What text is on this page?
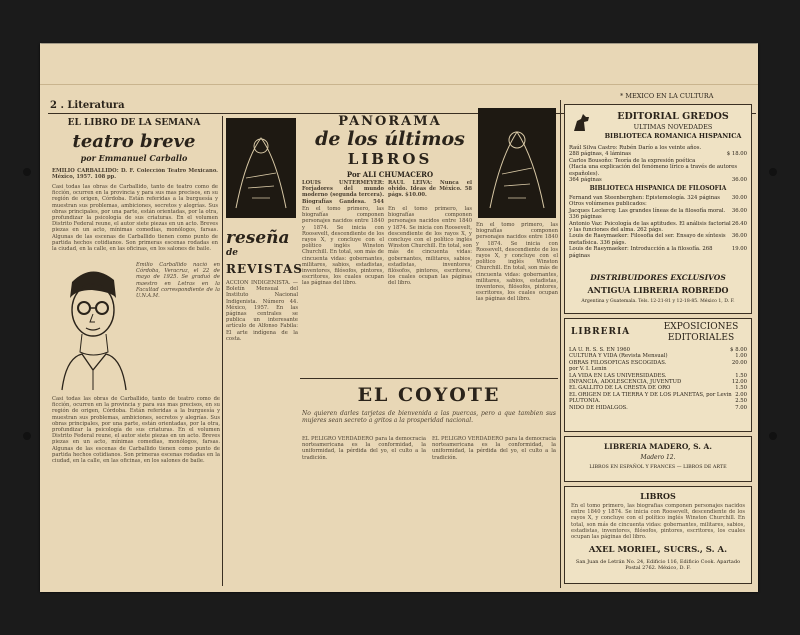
2 . Literatura
* MEXICO EN LA CULTURA
EL LIBRO DE LA SEMANA
teatro breve
por Emmanuel Carballo
EMILIO CARBALLIDO: D. F. Colección Teatro Mexicano. México, 1957. 108 pp.
Casi todas las obras de Carballido, tanto de teatro como de ficción, ocurren en la provincia y para sus mas precisos, en su región de origen, Córdoba. Están referidas a la burguesía y muestran sus problemas, ambiciones, secretos y alegrías. Sus obras principales, por una parte, están orientadas, por la otra, profundizar la psicología de sus criaturas. En el volumen Distrito Federal reune, el autor siete piezas en un acto. Breves piezas en un acto, mínimas comedias, monólogos, farsas. Algunas de las escenas de Carballido tienen como punto de partida hechos cotidianos. Son primeras escenas rodadas en la ciudad, en la calle, en las oficinas, en los salones de baile.
Emilio Carballido nació en Córdoba, Veracruz, el 22 de mayo de 1925. Se graduó de maestro en Letras en la Facultad correspondiente de la U.N.A.M.
Casi todas las obras de Carballido, tanto de teatro como de ficción, ocurren en la provincia y para sus mas precisos, en su región de origen, Córdoba. Están referidas a la burguesía y muestran sus problemas, ambiciones, secretos y alegrías. Sus obras principales, por una parte, están orientadas, por la otra, profundizar la psicología de sus criaturas. En el volumen Distrito Federal reune, el autor siete piezas en un acto. Breves piezas en un acto, mínimas comedias, monólogos, farsas. Algunas de las escenas de Carballido tienen como punto de partida hechos cotidianos. Son primeras escenas rodadas en la ciudad, en la calle, en las oficinas, en los salones de baile.
PANORAMA
de los últimos
LIBROS
Por ALI CHUMACERO
reseña
de
REVISTAS
ACCION INDIGENISTA. — Boletín Mensual del Instituto Nacional Indigenista. Número 44. México, 1957. En las páginas centrales se publica un interesante artículo de Alfonso Fabila: El arte indígena de la costa.
LOUIS UNTERMEYER: Forjadores del mundo moderno (segunda tercera). Biografías Gandesa. 544
En el tomo primero, las biografías componen personajes nacidos entre 1840 y 1874. Se inicia con Roosevelt, descendiente de los rayos X, y concluye con el político inglés Winston Churchill. En total, son más de cincuenta vidas: gobernantes, militares, sabios, estadistas, inventores, filósofos, pintores, escritores, los cuales ocupan las páginas del libro.
RAUL LEIVA: Nunca el olvido. Ideas de México. 58 págs. $10.00.
En el tomo primero, las biografías componen personajes nacidos entre 1840 y 1874. Se inicia con Roosevelt, descendiente de los rayos X, y concluye con el político inglés Winston Churchill. En total, son más de cincuenta vidas: gobernantes, militares, sabios, estadistas, inventores, filósofos, pintores, escritores, los cuales ocupan las páginas del libro.
En el tomo primero, las biografías componen personajes nacidos entre 1840 y 1874. Se inicia con Roosevelt, descendiente de los rayos X, y concluye con el político inglés Winston Churchill. En total, son más de cincuenta vidas: gobernantes, militares, sabios, estadistas, inventores, filósofos, pintores, escritores, los cuales ocupan las páginas del libro.
EL COYOTE
No quieren darles tarjetas de bienvenida a las puercas, pero a que tambien sus mujeres sean secreto a gritos a la prosperidad nacional.
EL PELIGRO VERDADERO para la democracia norteamericana es la conformidad, la uniformidad, la pérdida del yo, el culto a la tradición.
EL PELIGRO VERDADERO para la democracia norteamericana es la conformidad, la uniformidad, la pérdida del yo, el culto a la tradición.
EDITORIAL GREDOS
ULTIMAS NOVEDADES
BIBLIOTECA ROMANICA HISPANICA
Raúl Silva Castro: Rubén Darío a los veinte años.
288 páginas, 4 láminas	$ 18.00
Carlos Bousoño: Teoría de la expresión poética
(Hacia una explicación del fenómeno lírico a través de autores españoles).
364 páginas	36.00
BIBLIOTECA HISPANICA DE FILOSOFIA
Fernand van Steenberghen: Epistemología. 324 páginas 30.00
Otros volúmenes publicados:
Jacques Leclercq: Las grandes líneas de la filosofía moral. 336 páginas
36.00
Antonio Vaz: Psicología de las aptitudes. El análisis factorial y las funciones del alma. 262 págs.
26.40
Louis de Raeymaeker: Filosofía del ser. Ensayo de síntesis metafísica. 336 págs.
36.00
Louis de Raeymaeker: Introducción a la filosofía. 268 páginas
19.00
DISTRIBUIDORES EXCLUSIVOS
ANTIGUA LIBRERIA ROBREDO
Argentina y Guatemala. Tels. 12-21-81 y 12-18-85. México 1, D. F.
LIBRERIA	EXPOSICIONES EDITORIALES
LA U. R. S. S. EN 1960	$ 8.00
CULTURA Y VIDA (Revista Mensual)	1.00
OBRAS FILOSOFICAS ESCOGIDAS.	20.00
por V. I. Lenin
LA VIDA EN LAS UNIVERSIDADES.	1.50
INFANCIA, ADOLESCENCIA, JUVENTUD	12.00
EL GALLITO DE LA CRESTA DE ORO	1.50
EL ORIGEN DE LA TIERRA Y DE LOS PLANETAS, por Levin 2.00
PLUTONIA.	2.50
NIDO DE HIDALGOS.	7.00
LIBRERIA MADERO, S. A.
Madero 12.
LIBROS EN ESPAÑOL Y FRANCES — LIBROS DE ARTE
LIBROS
En el tomo primero, las biografías componen personajes nacidos entre 1840 y 1874. Se inicia con Roosevelt, descendiente de los rayos X, y concluye con el político inglés Winston Churchill. En total, son más de cincuenta vidas: gobernantes, militares, sabios, estadistas, inventores, filósofos, pintores, escritores, los cuales ocupan las páginas del libro.
AXEL MORIEL, SUCRS., S. A.
San Juan de Letrán No. 24, Edificio 116, Edificio Cook. Apartado Postal 2762. México, D. F.
